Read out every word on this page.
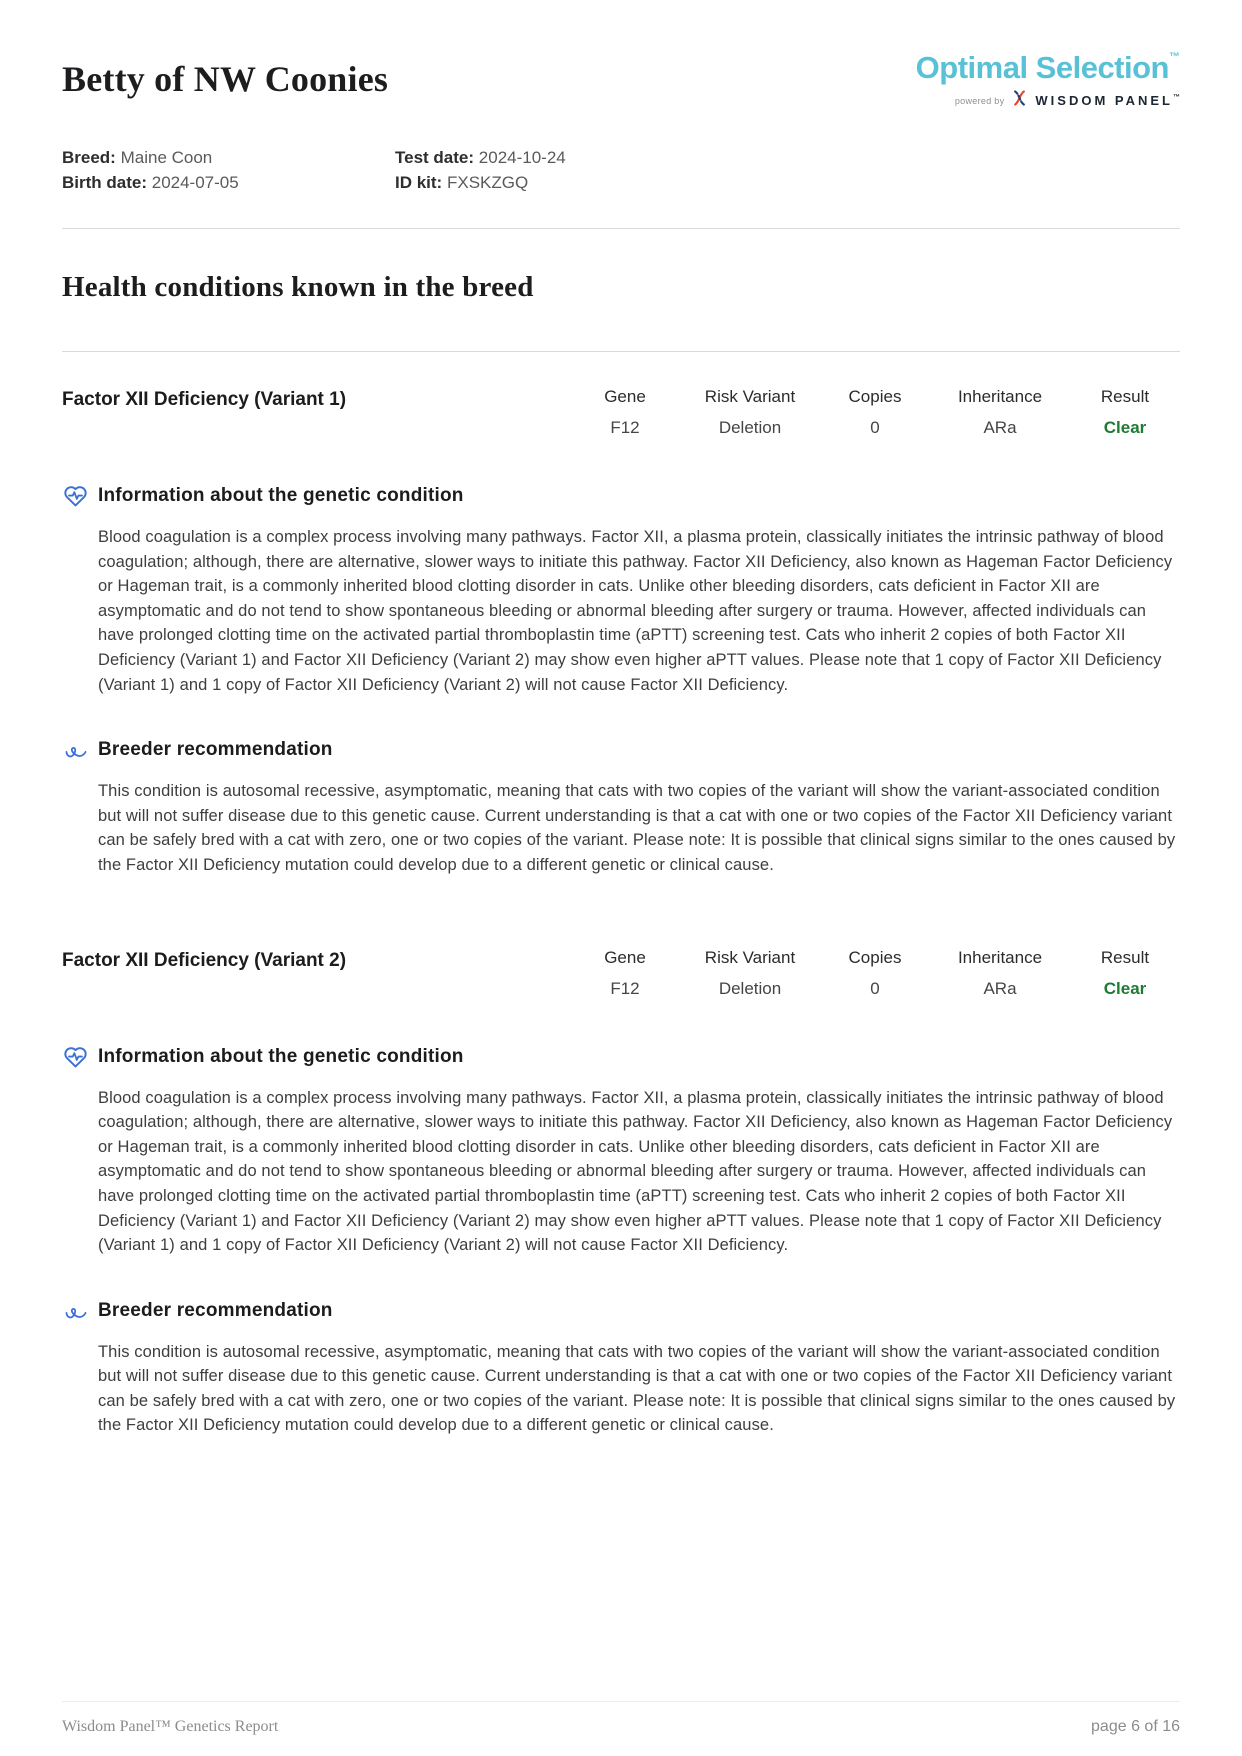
Betty of NW Coonies	Optimal Selection™
powered by WISDOM PANEL™
Breed: Maine Coon
Birth date: 2024-07-05
Test date: 2024-10-24
ID kit: FXSKZGQ
Health conditions known in the breed
Factor XII Deficiency (Variant 1)	Gene	Risk Variant	Copies	Inheritance	Result
F12	Deletion	0	ARa	Clear
Information about the genetic condition
Blood coagulation is a complex process involving many pathways. Factor XII, a plasma protein, classically initiates the intrinsic pathway of blood coagulation; although, there are alternative, slower ways to initiate this pathway. Factor XII Deficiency, also known as Hageman Factor Deficiency or Hageman trait, is a commonly inherited blood clotting disorder in cats. Unlike other bleeding disorders, cats deficient in Factor XII are asymptomatic and do not tend to show spontaneous bleeding or abnormal bleeding after surgery or trauma. However, affected individuals can have prolonged clotting time on the activated partial thromboplastin time (aPTT) screening test. Cats who inherit 2 copies of both Factor XII Deficiency (Variant 1) and Factor XII Deficiency (Variant 2) may show even higher aPTT values. Please note that 1 copy of Factor XII Deficiency (Variant 1) and 1 copy of Factor XII Deficiency (Variant 2) will not cause Factor XII Deficiency.
Breeder recommendation
This condition is autosomal recessive, asymptomatic, meaning that cats with two copies of the variant will show the variant-associated condition but will not suffer disease due to this genetic cause. Current understanding is that a cat with one or two copies of the Factor XII Deficiency variant can be safely bred with a cat with zero, one or two copies of the variant. Please note: It is possible that clinical signs similar to the ones caused by the Factor XII Deficiency mutation could develop due to a different genetic or clinical cause.
Factor XII Deficiency (Variant 2)	Gene	Risk Variant	Copies	Inheritance	Result
F12	Deletion	0	ARa	Clear
Information about the genetic condition
Blood coagulation is a complex process involving many pathways. Factor XII, a plasma protein, classically initiates the intrinsic pathway of blood coagulation; although, there are alternative, slower ways to initiate this pathway. Factor XII Deficiency, also known as Hageman Factor Deficiency or Hageman trait, is a commonly inherited blood clotting disorder in cats. Unlike other bleeding disorders, cats deficient in Factor XII are asymptomatic and do not tend to show spontaneous bleeding or abnormal bleeding after surgery or trauma. However, affected individuals can have prolonged clotting time on the activated partial thromboplastin time (aPTT) screening test. Cats who inherit 2 copies of both Factor XII Deficiency (Variant 1) and Factor XII Deficiency (Variant 2) may show even higher aPTT values. Please note that 1 copy of Factor XII Deficiency (Variant 1) and 1 copy of Factor XII Deficiency (Variant 2) will not cause Factor XII Deficiency.
Breeder recommendation
This condition is autosomal recessive, asymptomatic, meaning that cats with two copies of the variant will show the variant-associated condition but will not suffer disease due to this genetic cause. Current understanding is that a cat with one or two copies of the Factor XII Deficiency variant can be safely bred with a cat with zero, one or two copies of the variant. Please note: It is possible that clinical signs similar to the ones caused by the Factor XII Deficiency mutation could develop due to a different genetic or clinical cause.
Wisdom Panel™ Genetics Report	page 6 of 16
